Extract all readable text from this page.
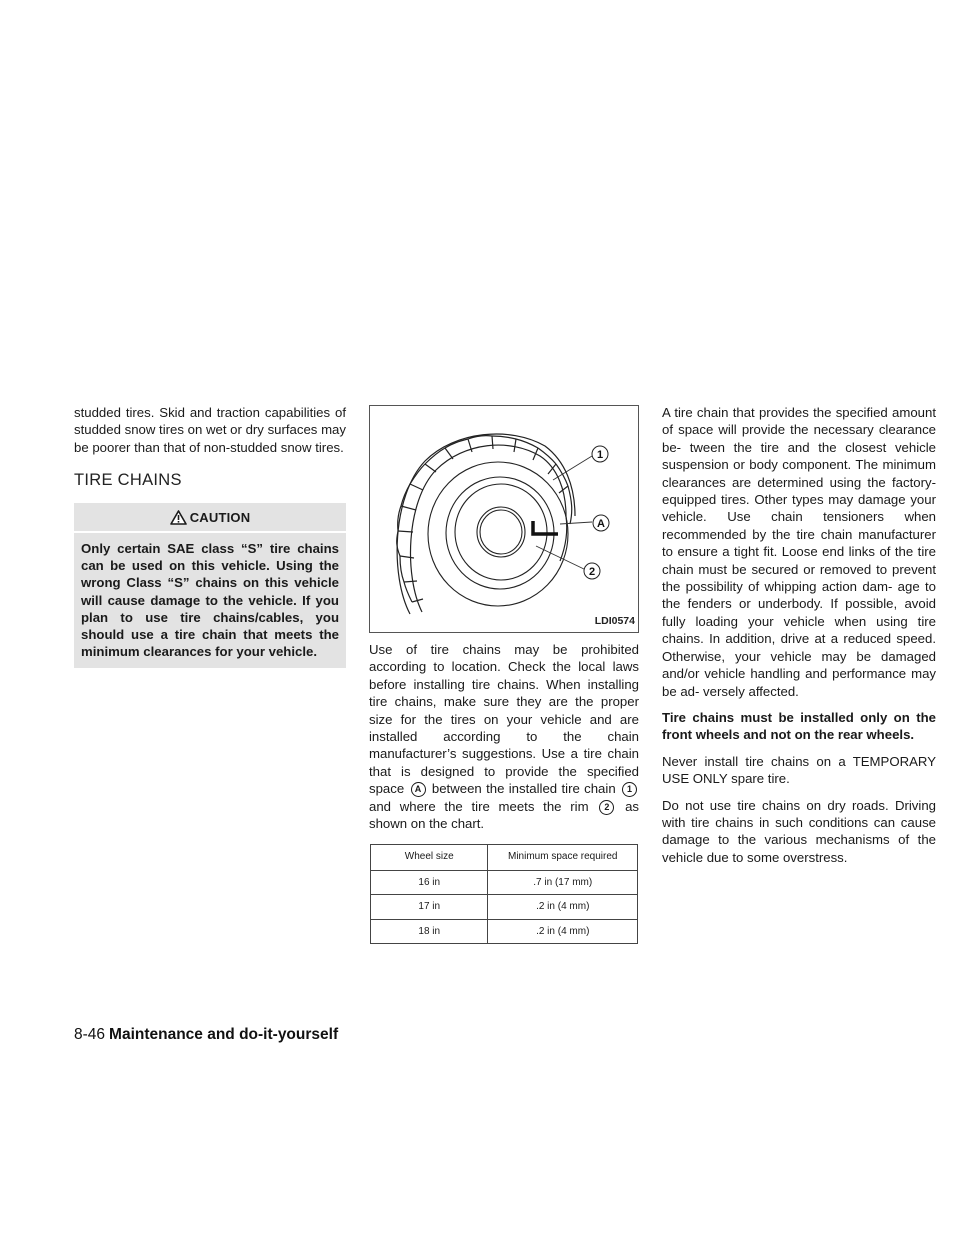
studded tires. Skid and traction capabilities of studded snow tires on wet or dry surfaces may be poorer than that of non-studded snow tires.

TIRE CHAINS
CAUTION
Only certain SAE class “S” tire chains can be used on this vehicle. Using the wrong Class “S” chains on this vehicle will cause damage to the vehicle. If you plan to use tire chains/cables, you should use a tire chain that meets the minimum clearances for your vehicle.
1
A
2
LDI0574

Use of tire chains may be prohibited according to location. Check the local laws before installing tire chains. When installing tire chains, make sure they are the proper size for the tires on your vehicle and are installed according to the chain manufacturer’s suggestions. Use a tire chain that is designed to provide the specified space A between the installed tire chain 1 and where the tire meets the rim 2 as shown on the chart.

Wheel size	Minimum space required
16 in	.7 in (17 mm)
17 in	.2 in (4 mm)
18 in	.2 in (4 mm)

A tire chain that provides the specified amount of space will provide the necessary clearance be- tween the tire and the closest vehicle suspension or body component. The minimum clearances are determined using the factory-equipped tires. Other types may damage your vehicle. Use chain tensioners when recommended by the tire chain manufacturer to ensure a tight fit. Loose end links of the tire chain must be secured or removed to prevent the possibility of whipping action dam- age to the fenders or underbody. If possible, avoid fully loading your vehicle when using tire chains. In addition, drive at a reduced speed. Otherwise, your vehicle may be damaged and/or vehicle handling and performance may be ad- versely affected.

Tire chains must be installed only on the front wheels and not on the rear wheels.

Never install tire chains on a TEMPORARY USE ONLY spare tire.

Do not use tire chains on dry roads. Driving with tire chains in such conditions can cause damage to the various mechanisms of the vehicle due to some overstress.

8-46 Maintenance and do-it-yourself
